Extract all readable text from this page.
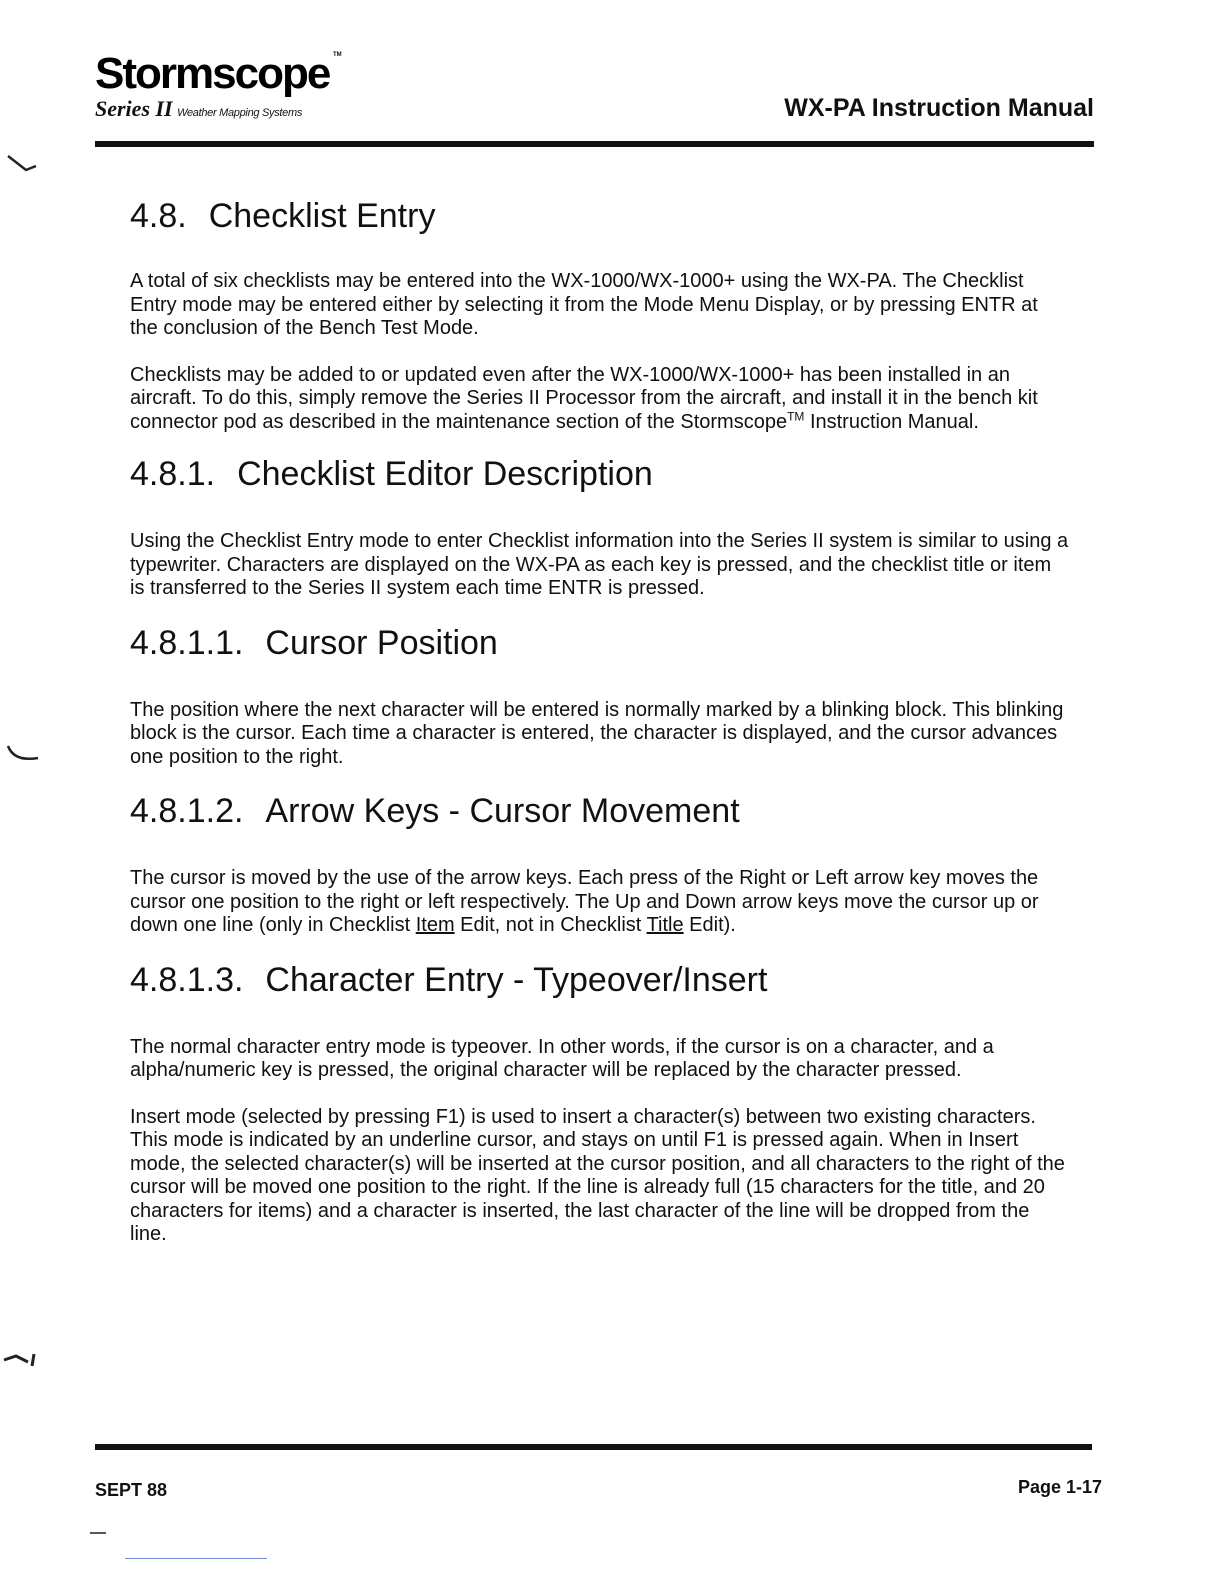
Stormscope TM
Series II Weather Mapping Systems	WX-PA Instruction Manual
4.8. Checklist Entry

A total of six checklists may be entered into the WX-1000/WX-1000+ using the WX-PA. The Checklist Entry mode may be entered either by selecting it from the Mode Menu Display, or by pressing ENTR at the conclusion of the Bench Test Mode.

Checklists may be added to or updated even after the WX-1000/WX-1000+ has been installed in an aircraft. To do this, simply remove the Series II Processor from the aircraft, and install it in the bench kit connector pod as described in the maintenance section of the Stormscope™ Instruction Manual.

4.8.1. Checklist Editor Description

Using the Checklist Entry mode to enter Checklist information into the Series II system is similar to using a typewriter. Characters are displayed on the WX-PA as each key is pressed, and the checklist title or item is transferred to the Series II system each time ENTR is pressed.

4.8.1.1. Cursor Position

The position where the next character will be entered is normally marked by a blinking block. This blinking block is the cursor. Each time a character is entered, the character is displayed, and the cursor advances one position to the right.

4.8.1.2. Arrow Keys - Cursor Movement

The cursor is moved by the use of the arrow keys. Each press of the Right or Left arrow key moves the cursor one position to the right or left respectively. The Up and Down arrow keys move the cursor up or down one line (only in Checklist Item Edit, not in Checklist Title Edit).

4.8.1.3. Character Entry - Typeover/Insert

The normal character entry mode is typeover. In other words, if the cursor is on a character, and a alpha/numeric key is pressed, the original character will be replaced by the character pressed.

Insert mode (selected by pressing F1) is used to insert a character(s) between two existing characters. This mode is indicated by an underline cursor, and stays on until F1 is pressed again. When in Insert mode, the selected character(s) will be inserted at the cursor position, and all characters to the right of the cursor will be moved one position to the right. If the line is already full (15 characters for the title, and 20 characters for items) and a character is inserted, the last character of the line will be dropped from the line.

SEPT 88	Page 1-17
